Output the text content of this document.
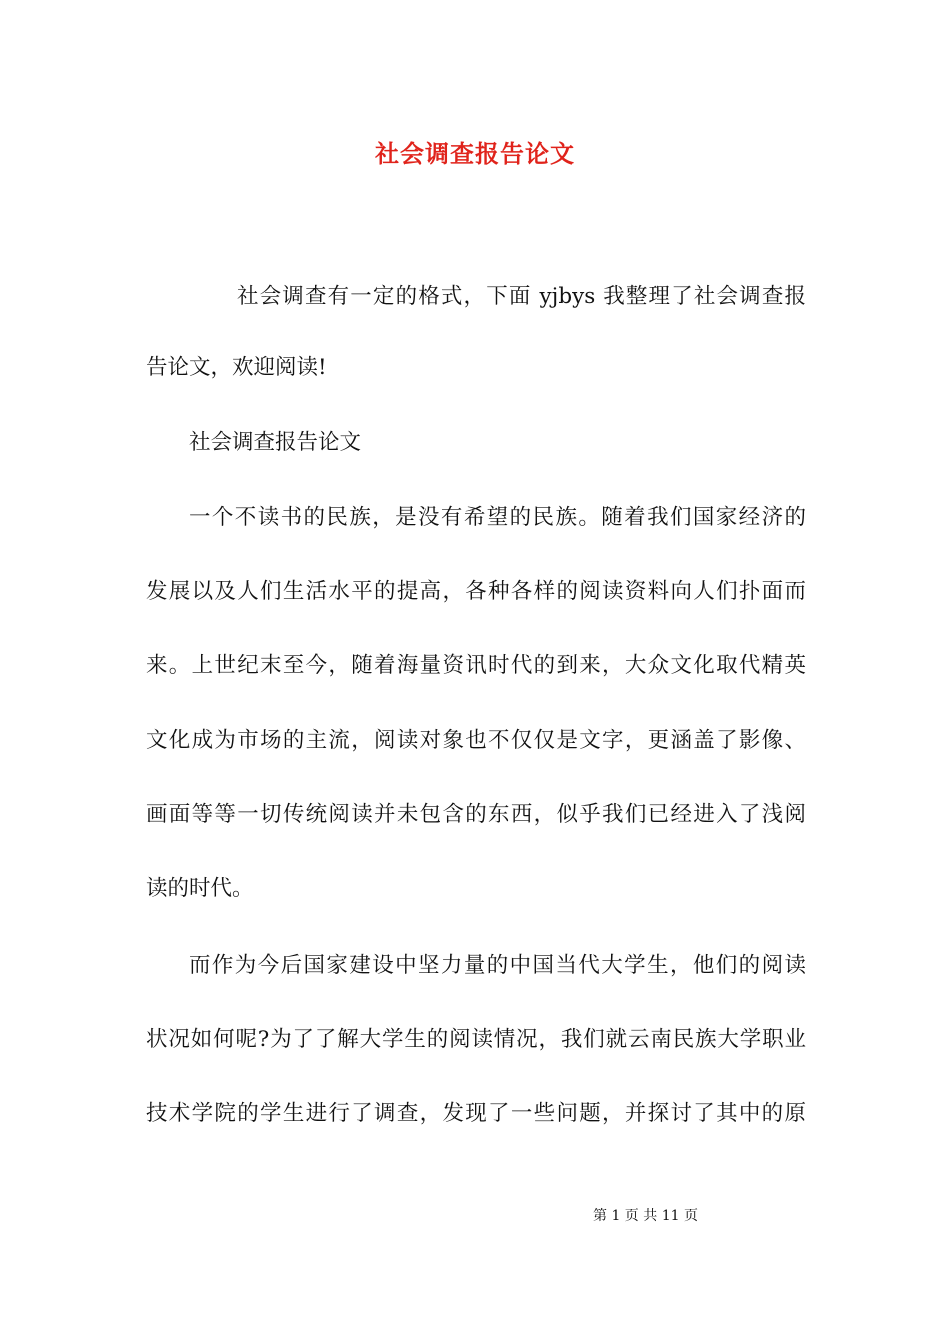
社会调查报告论文
社会调查有一定的格式，下面 yjbys 我整理了社会调查报
告论文，欢迎阅读!
社会调查报告论文
一个不读书的民族，是没有希望的民族。随着我们国家经济的
发展以及人们生活水平的提高，各种各样的阅读资料向人们扑面而
来。上世纪末至今，随着海量资讯时代的到来，大众文化取代精英
文化成为市场的主流，阅读对象也不仅仅是文字，更涵盖了影像、
画面等等一切传统阅读并未包含的东西，似乎我们已经进入了浅阅
读的时代。
而作为今后国家建设中坚力量的中国当代大学生，他们的阅读
状况如何呢?为了了解大学生的阅读情况，我们就云南民族大学职业
技术学院的学生进行了调查，发现了一些问题，并探讨了其中的原
第 1 页 共 11 页
